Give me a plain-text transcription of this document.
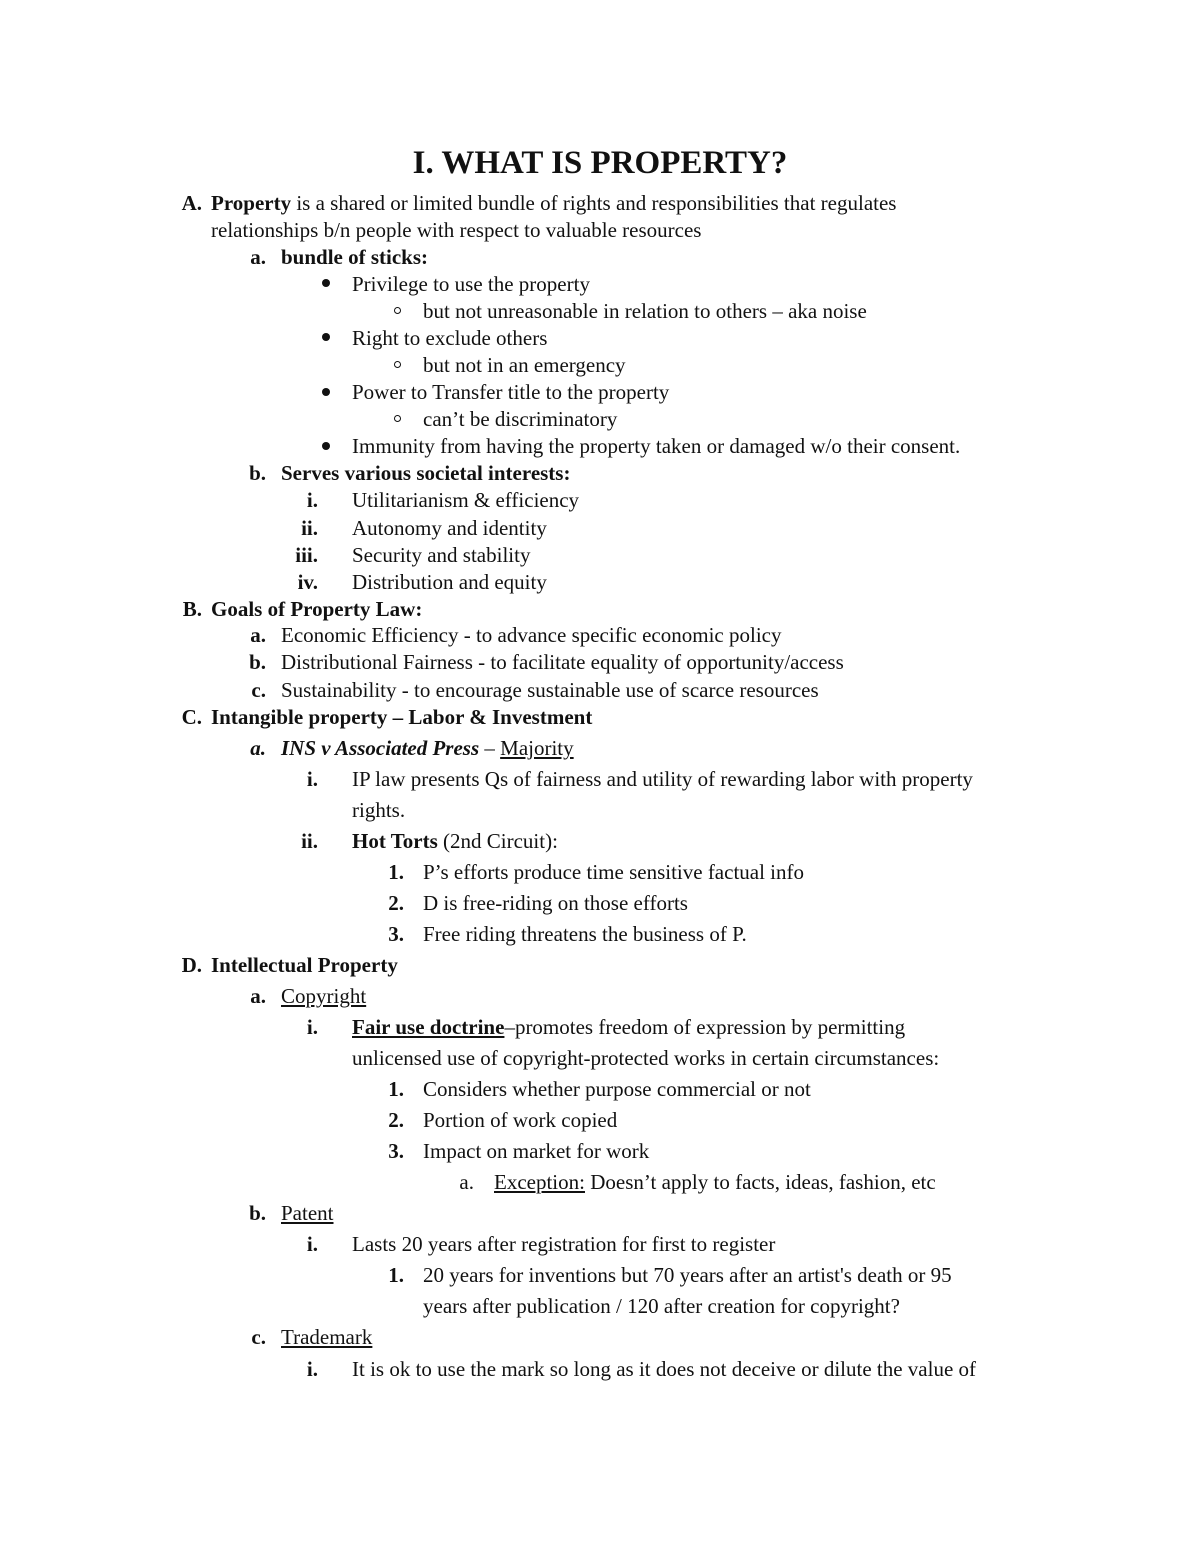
I. WHAT IS PROPERTY?
A. Property is a shared or limited bundle of rights and responsibilities that regulates
relationships b/n people with respect to valuable resources
a. bundle of sticks:
Privilege to use the property
but not unreasonable in relation to others – aka noise
Right to exclude others
but not in an emergency
Power to Transfer title to the property
can’t be discriminatory
Immunity from having the property taken or damaged w/o their consent.
b. Serves various societal interests:
i. Utilitarianism & efficiency
ii. Autonomy and identity
iii. Security and stability
iv. Distribution and equity
B. Goals of Property Law:
a. Economic Efficiency - to advance specific economic policy
b. Distributional Fairness - to facilitate equality of opportunity/access
c. Sustainability - to encourage sustainable use of scarce resources
C. Intangible property – Labor & Investment
a. INS v Associated Press – Majority
i. IP law presents Qs of fairness and utility of rewarding labor with property
rights.
ii. Hot Torts (2nd Circuit):
1. P’s efforts produce time sensitive factual info
2. D is free-riding on those efforts
3. Free riding threatens the business of P.
D. Intellectual Property
a. Copyright
i. Fair use doctrine–promotes freedom of expression by permitting
unlicensed use of copyright-protected works in certain circumstances:
1. Considers whether purpose commercial or not
2. Portion of work copied
3. Impact on market for work
a. Exception: Doesn’t apply to facts, ideas, fashion, etc
b. Patent
i. Lasts 20 years after registration for first to register
1. 20 years for inventions but 70 years after an artist's death or 95
years after publication / 120 after creation for copyright?
c. Trademark
i. It is ok to use the mark so long as it does not deceive or dilute the value of
